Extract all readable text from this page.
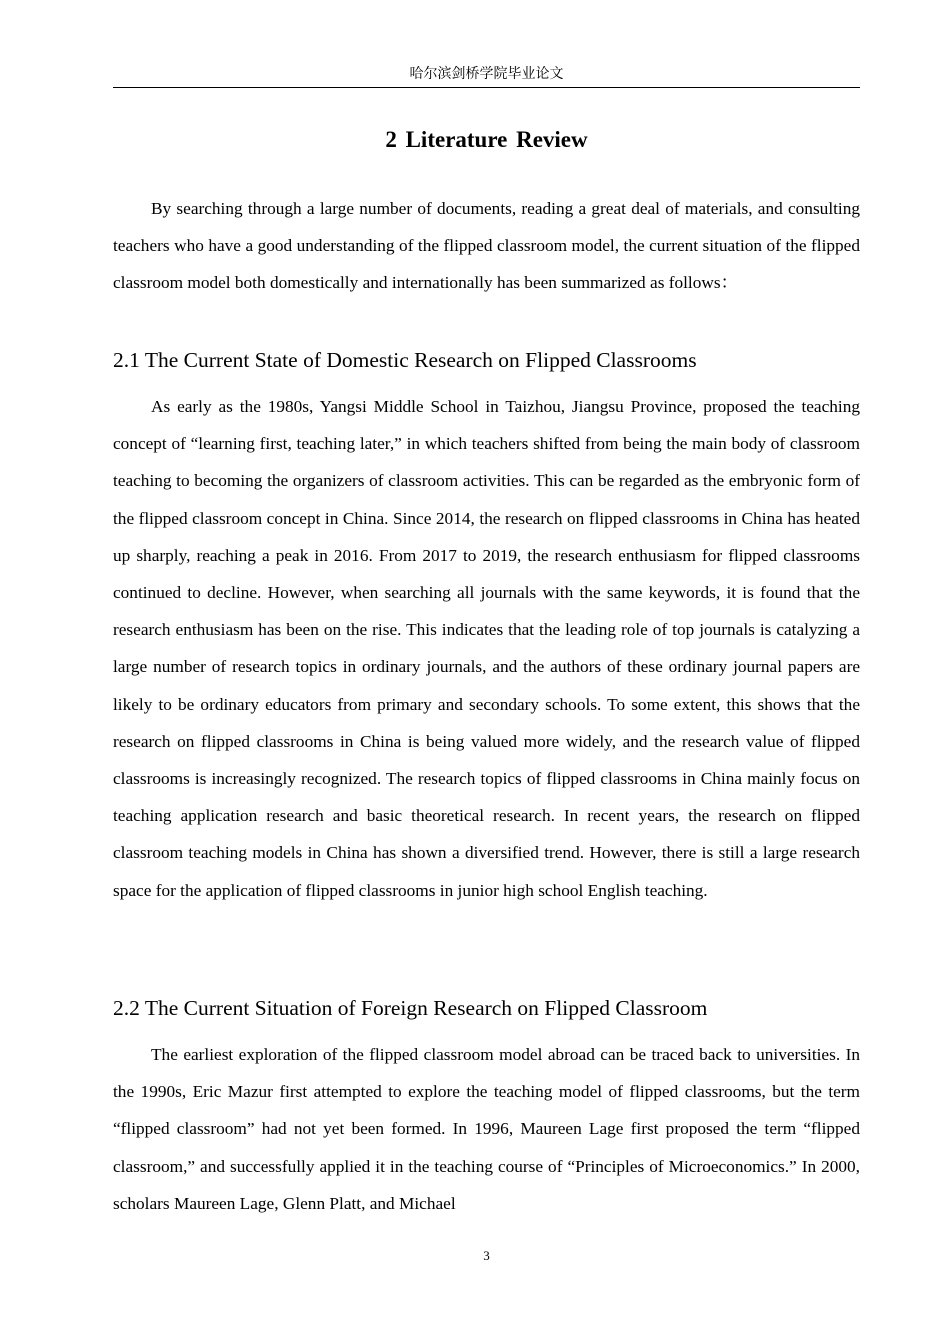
哈尔滨剑桥学院毕业论文
2 Literature Review

By searching through a large number of documents, reading a great deal of materials, and consulting teachers who have a good understanding of the flipped classroom model, the current situation of the flipped classroom model both domestically and internationally has been summarized as follows：

2.1 The Current State of Domestic Research on Flipped Classrooms

As early as the 1980s, Yangsi Middle School in Taizhou, Jiangsu Province, proposed the teaching concept of “learning first, teaching later,” in which teachers shifted from being the main body of classroom teaching to becoming the organizers of classroom activities. This can be regarded as the embryonic form of the flipped classroom concept in China. Since 2014, the research on flipped classrooms in China has heated up sharply, reaching a peak in 2016. From 2017 to 2019, the research enthusiasm for flipped classrooms continued to decline. However, when searching all journals with the same keywords, it is found that the research enthusiasm has been on the rise. This indicates that the leading role of top journals is catalyzing a large number of research topics in ordinary journals, and the authors of these ordinary journal papers are likely to be ordinary educators from primary and secondary schools. To some extent, this shows that the research on flipped classrooms in China is being valued more widely, and the research value of flipped classrooms is increasingly recognized. The research topics of flipped classrooms in China mainly focus on teaching application research and basic theoretical research. In recent years, the research on flipped classroom teaching models in China has shown a diversified trend. However, there is still a large research space for the application of flipped classrooms in junior high school English teaching.

2.2 The Current Situation of Foreign Research on Flipped Classroom

The earliest exploration of the flipped classroom model abroad can be traced back to universities. In the 1990s, Eric Mazur first attempted to explore the teaching model of flipped classrooms, but the term “flipped classroom” had not yet been formed. In 1996, Maureen Lage first proposed the term “flipped classroom,” and successfully applied it in the teaching course of “Principles of Microeconomics.” In 2000, scholars Maureen Lage, Glenn Platt, and Michael

3
